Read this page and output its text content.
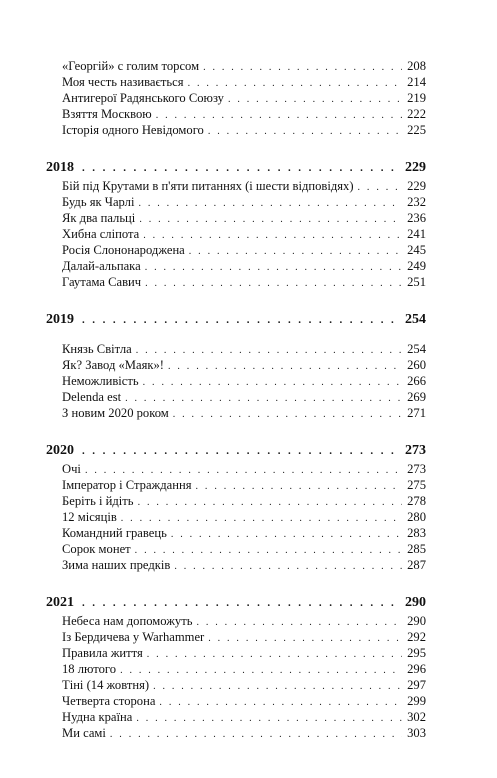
«Георгій» с голим торсом . . .	208
Моя честь називається . . .	214
Антигерої Радянського Союзу . . .	219
Взяття Москвою . . .	222
Історія одного Невідомого . . .	225
2018 . . .	229
Бій під Крутами в п'яти питаннях (і шести відповідях) . . .	229
Будь як Чарлі . . .	232
Як два пальці . . .	236
Хибна сліпота . . .	241
Росія Слононароджена . . .	245
Далай-альпака . . .	249
Гаутама Савич . . .	251
2019 . . .	254
Князь Світла . . .	254
Як? Завод «Маяк»! . . .	260
Неможливість . . .	266
Delenda est . . .	269
З новим 2020 роком . . .	271
2020 . . .	273
Очі . . .	273
Імператор і Страждання . . .	275
Беріть і йдіть . . .	278
12 місяців . . .	280
Командний гравець . . .	283
Сорок монет . . .	285
Зима наших предків . . .	287
2021 . . .	290
Небеса нам допоможуть . . .	290
Із Бердичева у Warhammer . . .	292
Правила життя . . .	295
18 лютого . . .	296
Тіні (14 жовтня) . . .	297
Четверта сторона . . .	299
Нудна країна . . .	302
Ми самі . . .	303
